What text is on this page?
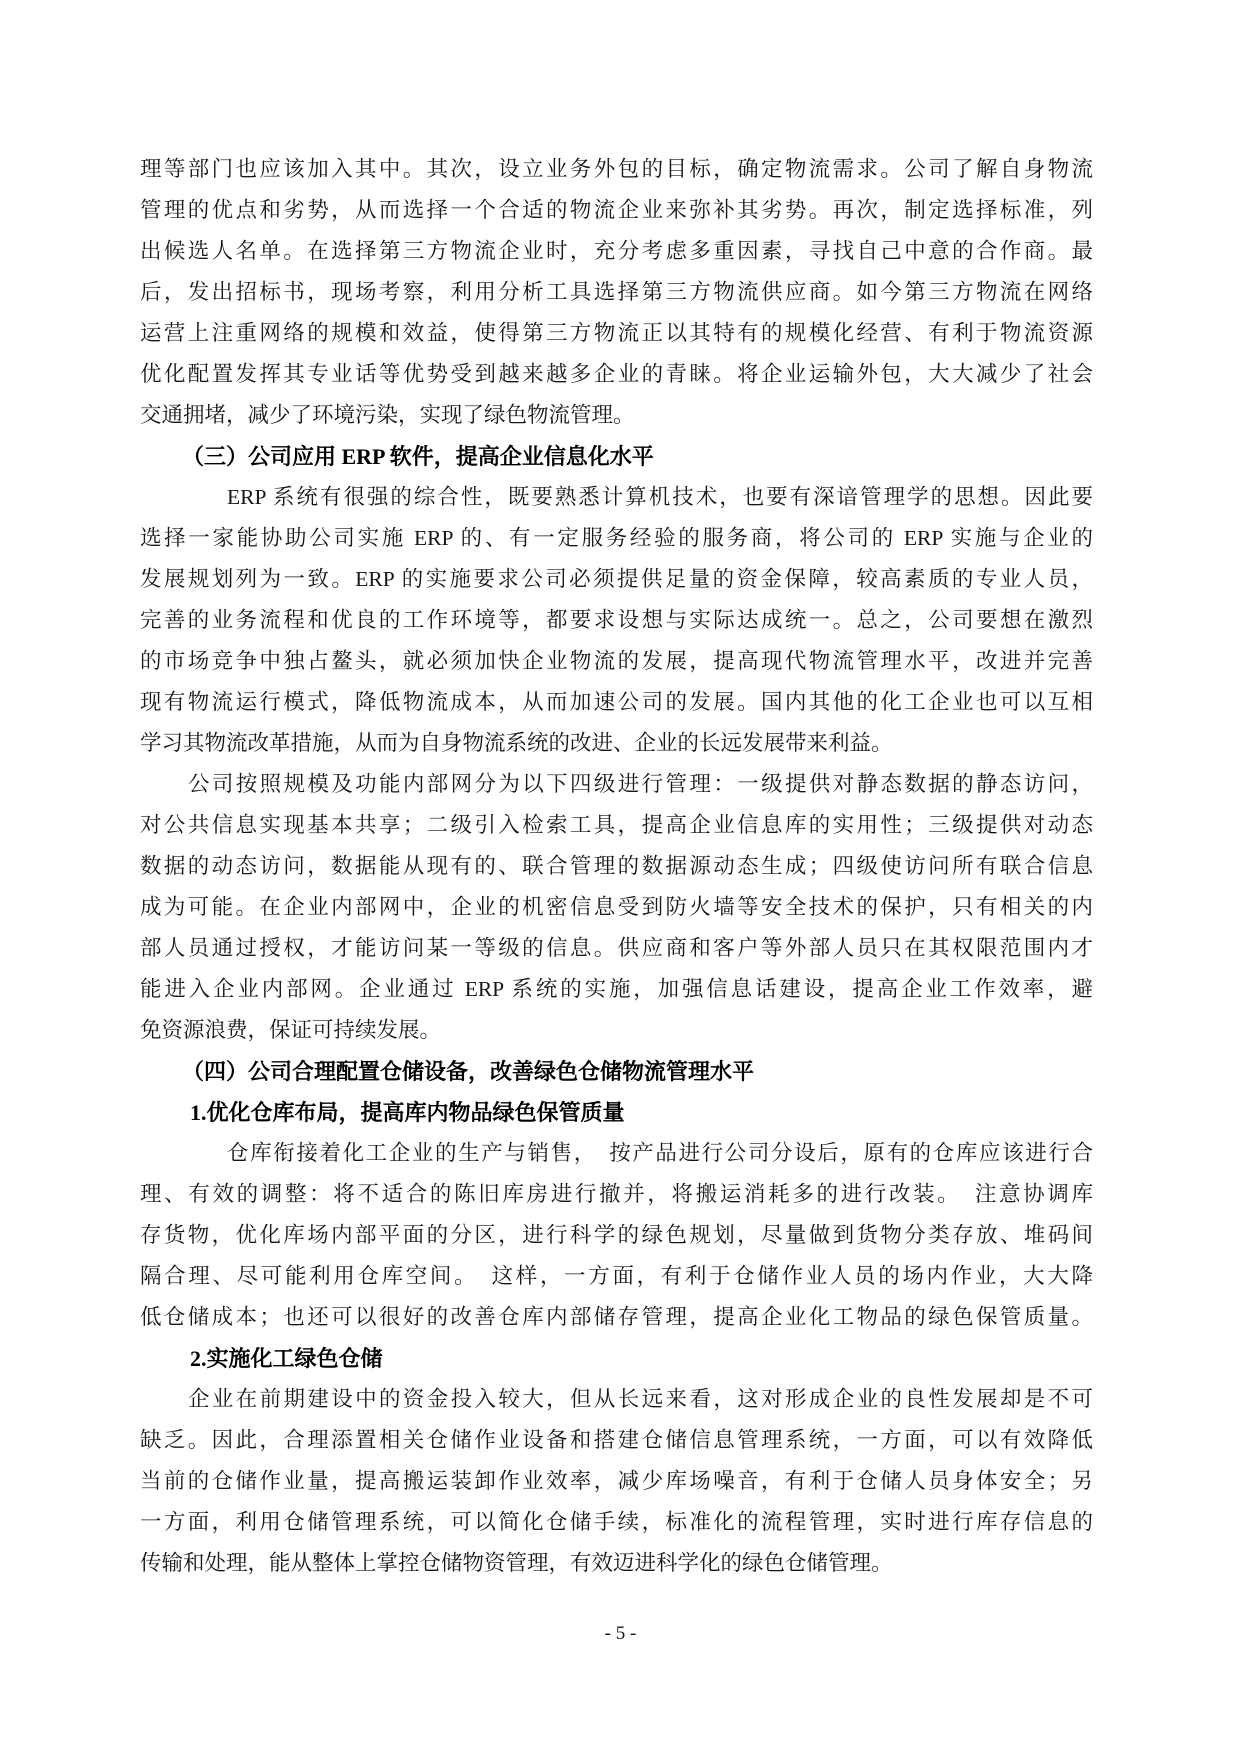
理等部门也应该加入其中。其次，设立业务外包的目标，确定物流需求。公司了解自身物流
管理的优点和劣势，从而选择一个合适的物流企业来弥补其劣势。再次，制定选择标准，列
出候选人名单。在选择第三方物流企业时，充分考虑多重因素，寻找自己中意的合作商。最
后，发出招标书，现场考察，利用分析工具选择第三方物流供应商。如今第三方物流在网络
运营上注重网络的规模和效益，使得第三方物流正以其特有的规模化经营、有利于物流资源
优化配置发挥其专业话等优势受到越来越多企业的青睐。将企业运输外包，大大减少了社会
交通拥堵，减少了环境污染，实现了绿色物流管理。
（三）公司应用 ERP 软件，提高企业信息化水平
ERP 系统有很强的综合性，既要熟悉计算机技术，也要有深谙管理学的思想。因此要
选择一家能协助公司实施 ERP 的、有一定服务经验的服务商，将公司的 ERP 实施与企业的
发展规划列为一致。ERP 的实施要求公司必须提供足量的资金保障，较高素质的专业人员，
完善的业务流程和优良的工作环境等，都要求设想与实际达成统一。总之，公司要想在激烈
的市场竞争中独占鳌头，就必须加快企业物流的发展，提高现代物流管理水平，改进并完善
现有物流运行模式，降低物流成本，从而加速公司的发展。国内其他的化工企业也可以互相
学习其物流改革措施，从而为自身物流系统的改进、企业的长远发展带来利益。
公司按照规模及功能内部网分为以下四级进行管理：一级提供对静态数据的静态访问，
对公共信息实现基本共享；二级引入检索工具，提高企业信息库的实用性；三级提供对动态
数据的动态访问，数据能从现有的、联合管理的数据源动态生成；四级使访问所有联合信息
成为可能。在企业内部网中，企业的机密信息受到防火墙等安全技术的保护，只有相关的内
部人员通过授权，才能访问某一等级的信息。供应商和客户等外部人员只在其权限范围内才
能进入企业内部网。企业通过 ERP 系统的实施，加强信息话建设，提高企业工作效率，避
免资源浪费，保证可持续发展。
（四）公司合理配置仓储设备，改善绿色仓储物流管理水平
1.优化仓库布局，提高库内物品绿色保管质量
仓库衔接着化工企业的生产与销售，　按产品进行公司分设后，原有的仓库应该进行合
理、有效的调整：将不适合的陈旧库房进行撤并，将搬运消耗多的进行改装。　注意协调库
存货物，优化库场内部平面的分区，进行科学的绿色规划，尽量做到货物分类存放、堆码间
隔合理、尽可能利用仓库空间。　这样，一方面，有利于仓储作业人员的场内作业，大大降
低仓储成本；也还可以很好的改善仓库内部储存管理，提高企业化工物品的绿色保管质量。
2.实施化工绿色仓储
企业在前期建设中的资金投入较大，但从长远来看，这对形成企业的良性发展却是不可
缺乏。因此，合理添置相关仓储作业设备和搭建仓储信息管理系统，一方面，可以有效降低
当前的仓储作业量，提高搬运装卸作业效率，减少库场噪音，有利于仓储人员身体安全；另
一方面，利用仓储管理系统，可以简化仓储手续，标准化的流程管理，实时进行库存信息的
传输和处理，能从整体上掌控仓储物资管理，有效迈进科学化的绿色仓储管理。
- 5 -
